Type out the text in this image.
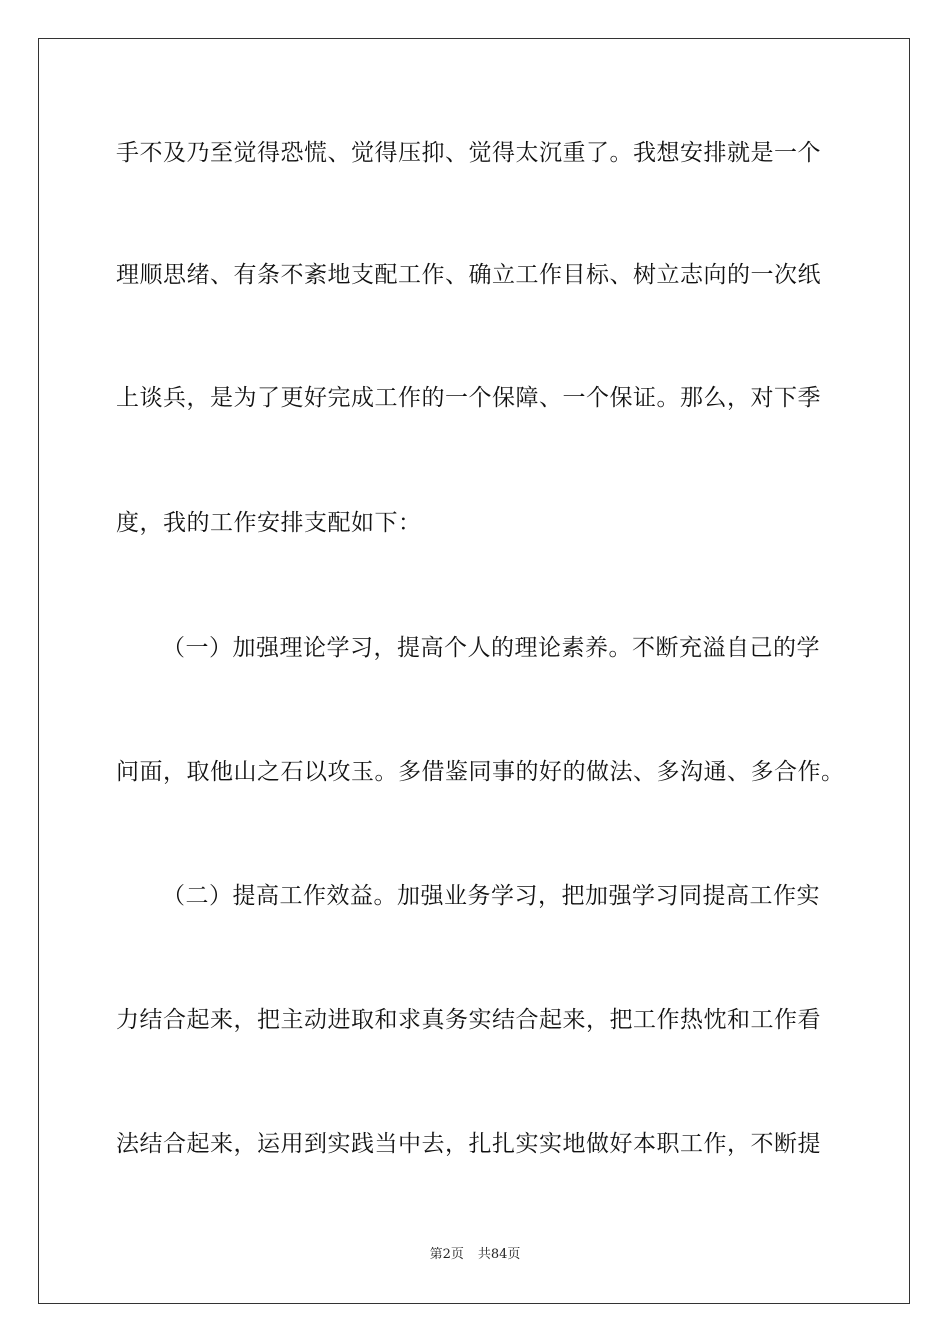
手不及乃至觉得恐慌、觉得压抑、觉得太沉重了。我想安排就是一个
理顺思绪、有条不紊地支配工作、确立工作目标、树立志向的一次纸
上谈兵，是为了更好完成工作的一个保障、一个保证。那么，对下季
度，我的工作安排支配如下：
（一）加强理论学习，提高个人的理论素养。不断充溢自己的学
问面，取他山之石以攻玉。多借鉴同事的好的做法、多沟通、多合作。
（二）提高工作效益。加强业务学习，把加强学习同提高工作实
力结合起来，把主动进取和求真务实结合起来，把工作热忱和工作看
法结合起来，运用到实践当中去，扎扎实实地做好本职工作，不断提
第2页 共84页
